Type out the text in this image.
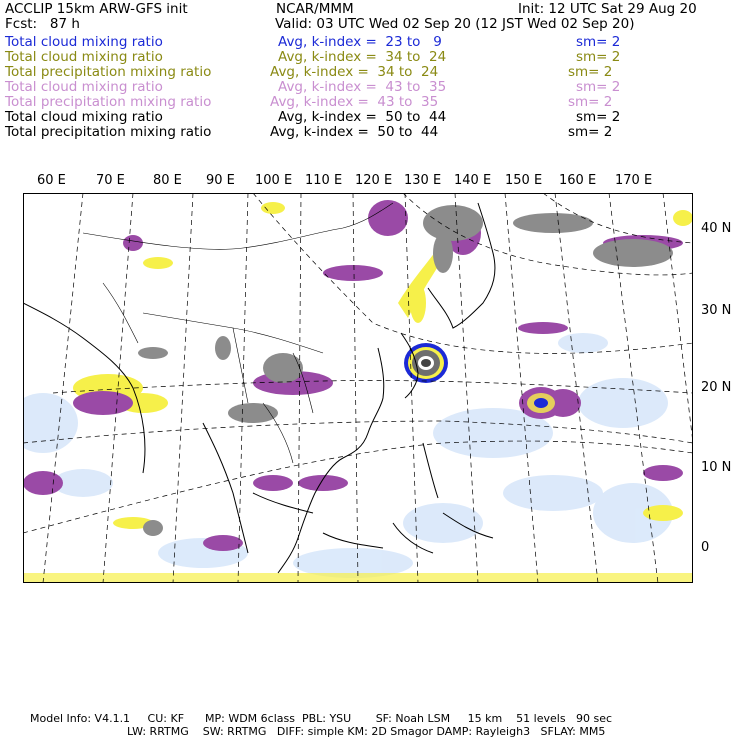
ACCLIP 15km ARW-GFS init	NCAR/MMM	Init: 12 UTC Sat 29 Aug 20
Fcst:   87 h	Valid: 03 UTC Wed 02 Sep 20 (12 JST Wed 02 Sep 20)
Total cloud mixing ratio	Avg, k-index =  23 to   9	sm= 2
Total cloud mixing ratio	Avg, k-index =  34 to  24	sm= 2
Total precipitation mixing ratio	Avg, k-index =  34 to  24	sm= 2
Total cloud mixing ratio	Avg, k-index =  43 to  35	sm= 2
Total precipitation mixing ratio	Avg, k-index =  43 to  35	sm= 2
Total cloud mixing ratio	Avg, k-index =  50 to  44	sm= 2
Total precipitation mixing ratio	Avg, k-index =  50 to  44	sm= 2
60 E 70 E 80 E 90 E 100 E 110 E 120 E 130 E 140 E 150 E 160 E 170 E
40 N
30 N
20 N
10 N
0
Model Info: V4.1.1     CU: KF      MP: WDM 6class  PBL: YSU       SF: Noah LSM     15 km    51 levels   90 sec
LW: RRTMG    SW: RRTMG   DIFF: simple KM: 2D Smagor DAMP: Rayleigh3   SFLAY: MM5
